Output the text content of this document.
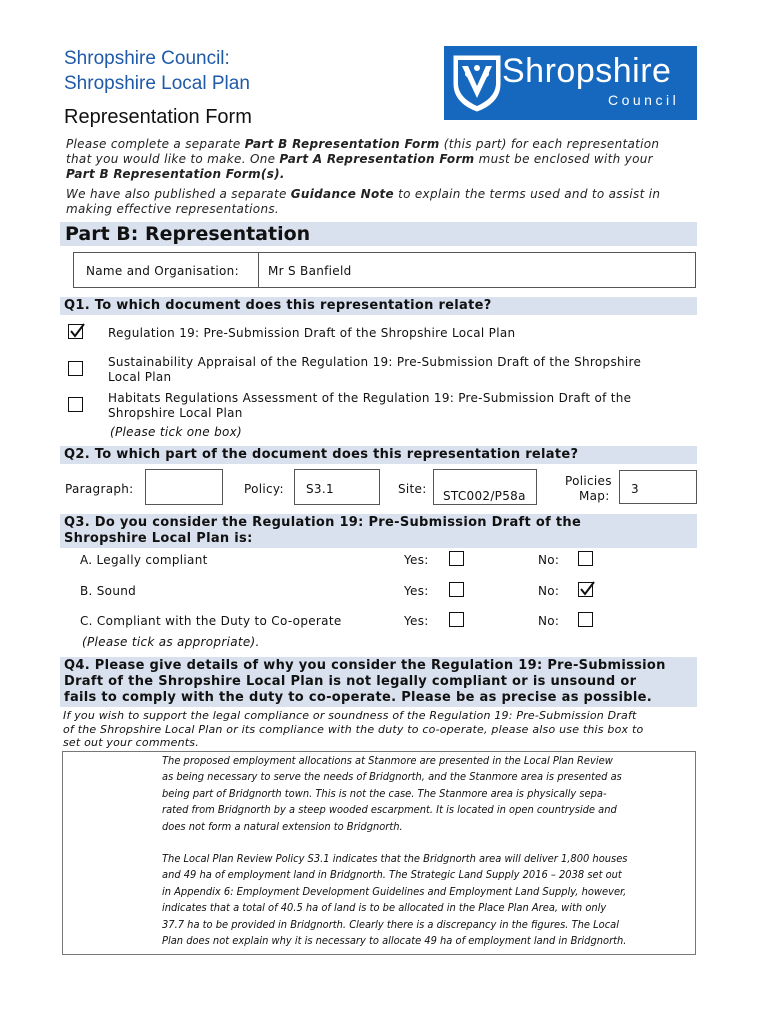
Shropshire Council:
Shropshire Local Plan
Representation Form
Shropshire
Council
Please complete a separate Part B Representation Form (this part) for each representation
that you would like to make. One Part A Representation Form must be enclosed with your
Part B Representation Form(s).
We have also published a separate Guidance Note to explain the terms used and to assist in
making effective representations.
Part B: Representation
Name and Organisation: Mr S Banfield
Q1. To which document does this representation relate?
Regulation 19: Pre-Submission Draft of the Shropshire Local Plan
Sustainability Appraisal of the Regulation 19: Pre-Submission Draft of the Shropshire
Local Plan
Habitats Regulations Assessment of the Regulation 19: Pre-Submission Draft of the
Shropshire Local Plan
(Please tick one box)
Q2. To which part of the document does this representation relate?
Paragraph:	Policy: S3.1	Site: STC002/P58a
Policies
Map: 3
Q3. Do you consider the Regulation 19: Pre-Submission Draft of the
Shropshire Local Plan is:
A. Legally compliant	Yes:	No:
B. Sound	Yes:	No:
C. Compliant with the Duty to Co-operate	Yes:	No:
(Please tick as appropriate).
Q4. Please give details of why you consider the Regulation 19: Pre-Submission
Draft of the Shropshire Local Plan is not legally compliant or is unsound or
fails to comply with the duty to co-operate. Please be as precise as possible.
If you wish to support the legal compliance or soundness of the Regulation 19: Pre-Submission Draft
of the Shropshire Local Plan or its compliance with the duty to co-operate, please also use this box to
set out your comments.
The proposed employment allocations at Stanmore are presented in the Local Plan Review
as being necessary to serve the needs of Bridgnorth, and the Stanmore area is presented as
being part of Bridgnorth town. This is not the case. The Stanmore area is physically sepa-
rated from Bridgnorth by a steep wooded escarpment. It is located in open countryside and
does not form a natural extension to Bridgnorth.
The Local Plan Review Policy S3.1 indicates that the Bridgnorth area will deliver 1,800 houses
and 49 ha of employment land in Bridgnorth. The Strategic Land Supply 2016 – 2038 set out
in Appendix 6: Employment Development Guidelines and Employment Land Supply, however,
indicates that a total of 40.5 ha of land is to be allocated in the Place Plan Area, with only
37.7 ha to be provided in Bridgnorth. Clearly there is a discrepancy in the figures. The Local
Plan does not explain why it is necessary to allocate 49 ha of employment land in Bridgnorth.
